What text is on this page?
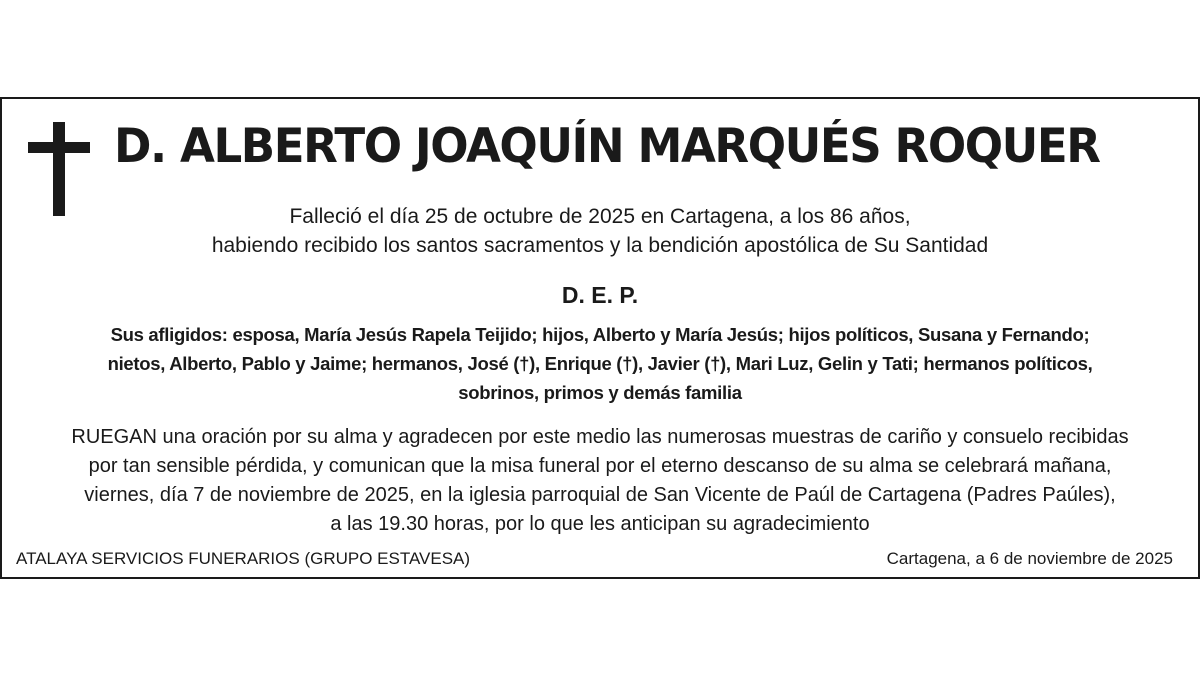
D. ALBERTO JOAQUÍN MARQUÉS ROQUER

Falleció el día 25 de octubre de 2025 en Cartagena, a los 86 años,
habiendo recibido los santos sacramentos y la bendición apostólica de Su Santidad

D. E. P.

Sus afligidos: esposa, María Jesús Rapela Teijido; hijos, Alberto y María Jesús; hijos políticos, Susana y Fernando;
nietos, Alberto, Pablo y Jaime; hermanos, José (†), Enrique (†), Javier (†), Mari Luz, Gelin y Tati; hermanos políticos,
sobrinos, primos y demás familia

RUEGAN una oración por su alma y agradecen por este medio las numerosas muestras de cariño y consuelo recibidas
por tan sensible pérdida, y comunican que la misa funeral por el eterno descanso de su alma se celebrará mañana,
viernes, día 7 de noviembre de 2025, en la iglesia parroquial de San Vicente de Paúl de Cartagena (Padres Paúles),
a las 19.30 horas, por lo que les anticipan su agradecimiento

ATALAYA SERVICIOS FUNERARIOS (GRUPO ESTAVESA)	Cartagena, a 6 de noviembre de 2025
